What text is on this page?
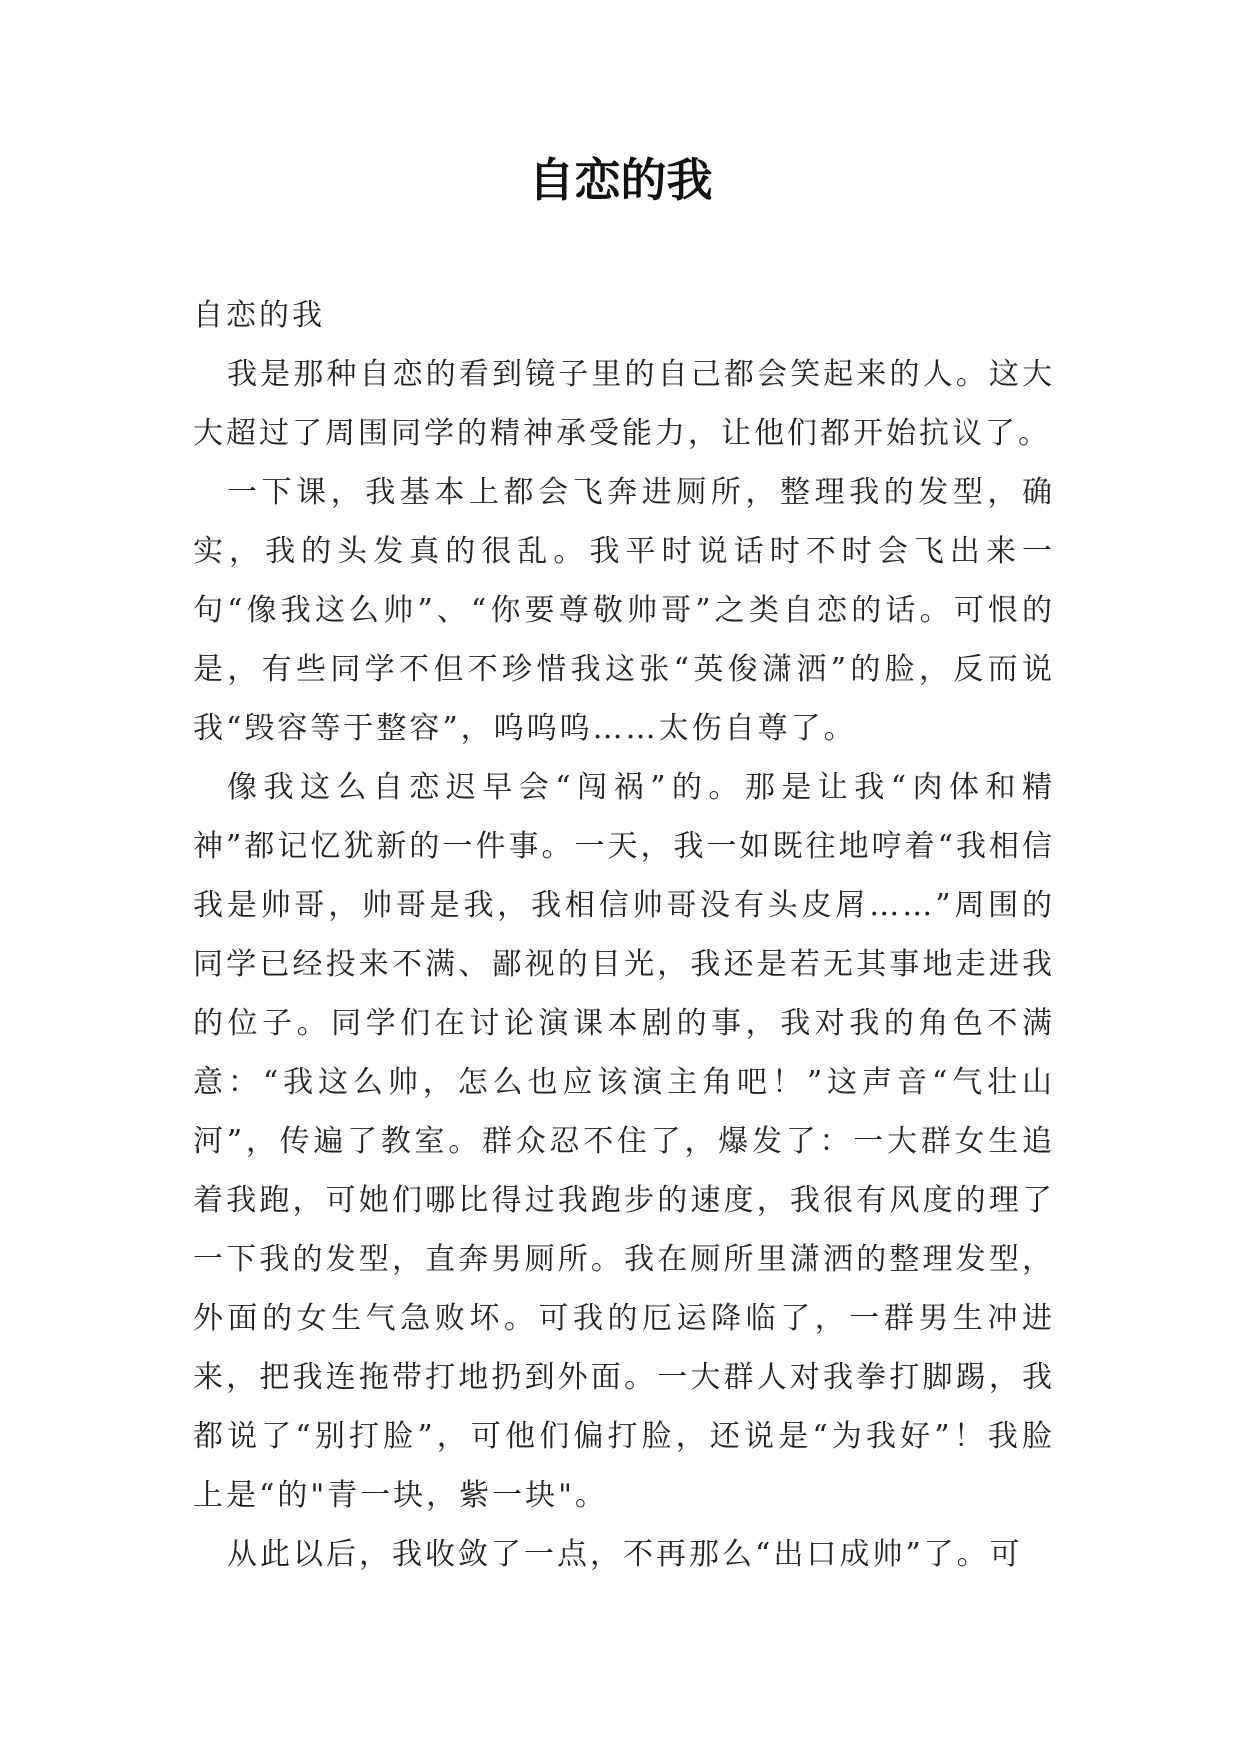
自恋的我

自恋的我

我是那种自恋的看到镜子里的自己都会笑起来的人。这大大超过了周围同学的精神承受能力，让他们都开始抗议了。

一下课，我基本上都会飞奔进厕所，整理我的发型，确实，我的头发真的很乱。我平时说话时不时会飞出来一句“像我这么帅”、“你要尊敬帅哥”之类自恋的话。可恨的是，有些同学不但不珍惜我这张“英俊潇洒”的脸，反而说我“毁容等于整容”，呜呜呜……太伤自尊了。

像我这么自恋迟早会“闯祸”的。那是让我“肉体和精神”都记忆犹新的一件事。一天，我一如既往地哼着“我相信我是帅哥，帅哥是我，我相信帅哥没有头皮屑……”周围的同学已经投来不满、鄙视的目光，我还是若无其事地走进我的位子。同学们在讨论演课本剧的事，我对我的角色不满意：“我这么帅，怎么也应该演主角吧！”这声音“气壮山河”，传遍了教室。群众忍不住了，爆发了：一大群女生追着我跑，可她们哪比得过我跑步的速度，我很有风度的理了一下我的发型，直奔男厕所。我在厕所里潇洒的整理发型，外面的女生气急败坏。可我的厄运降临了，一群男生冲进来，把我连拖带打地扔到外面。一大群人对我拳打脚踢，我都说了“别打脸”，可他们偏打脸，还说是“为我好”！我脸上是“的"青一块，紫一块"。

从此以后，我收敛了一点，不再那么“出口成帅”了。可
